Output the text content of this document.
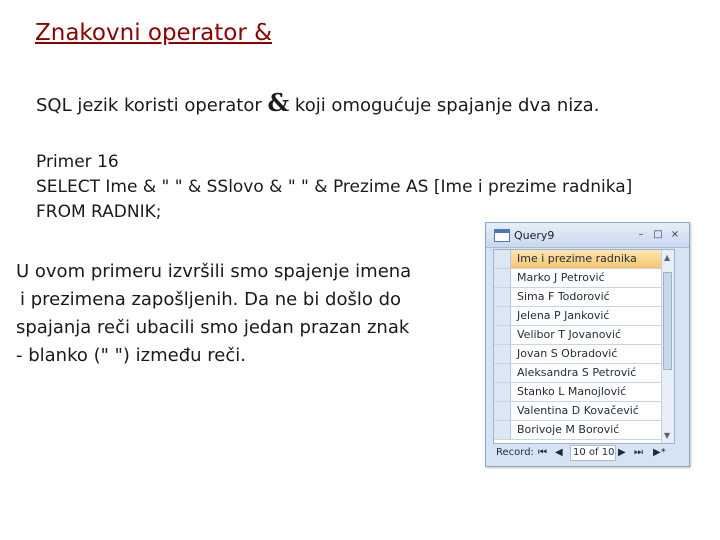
Znakovni operator &
SQL jezik koristi operator & koji omogućuje spajanje dva niza.
Primer 16
SELECT Ime & " " & SSlovo & " " & Prezime AS [Ime i prezime radnika]
FROM RADNIK;
U ovom primeru izvršili smo spajenje imena
i prezimena zapošljenih. Da ne bi došlo do
spajanja reči ubacili smo jedan prazan znak
- blanko (" ") između reči.
Query9	– □ ×
Ime i prezime radnika
Marko J Petrović
Sima F Todorović
Jelena P Janković
Velibor T Jovanović
Jovan S Obradović
Aleksandra S Petrović
Stanko L Manojlović
Valentina D Kovačević
Borivoje M Borović
▲
▼
Record: ⏮ ◀ 10 of 10 ▶ ⏭ ▶*
